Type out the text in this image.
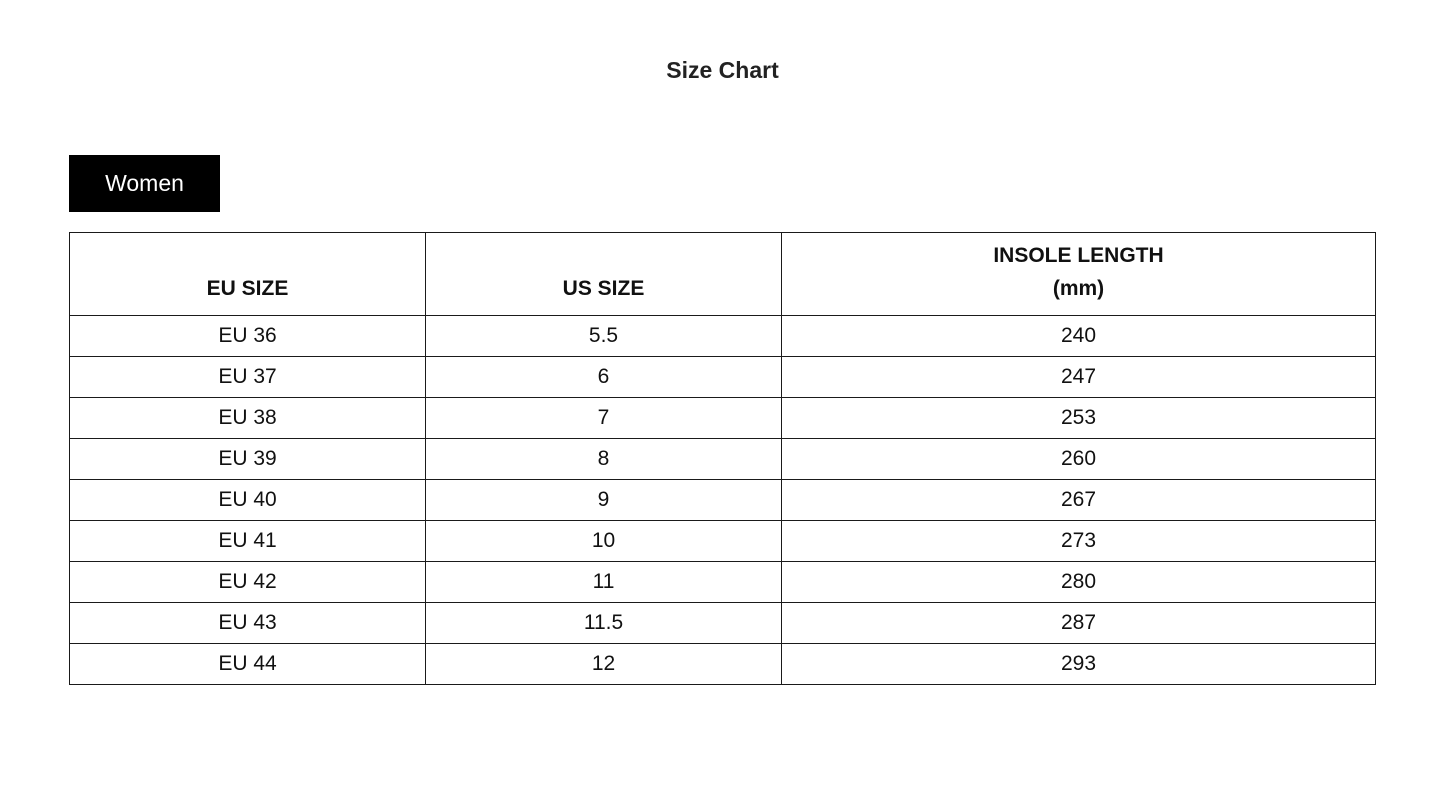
Size Chart
Women
EU SIZE	US SIZE	INSOLE LENGTH
(mm)

EU 36	5.5	240
EU 37	6	247
EU 38	7	253
EU 39	8	260
EU 40	9	267
EU 41	10	273
EU 42	11	280
EU 43	11.5	287
EU 44	12	293
